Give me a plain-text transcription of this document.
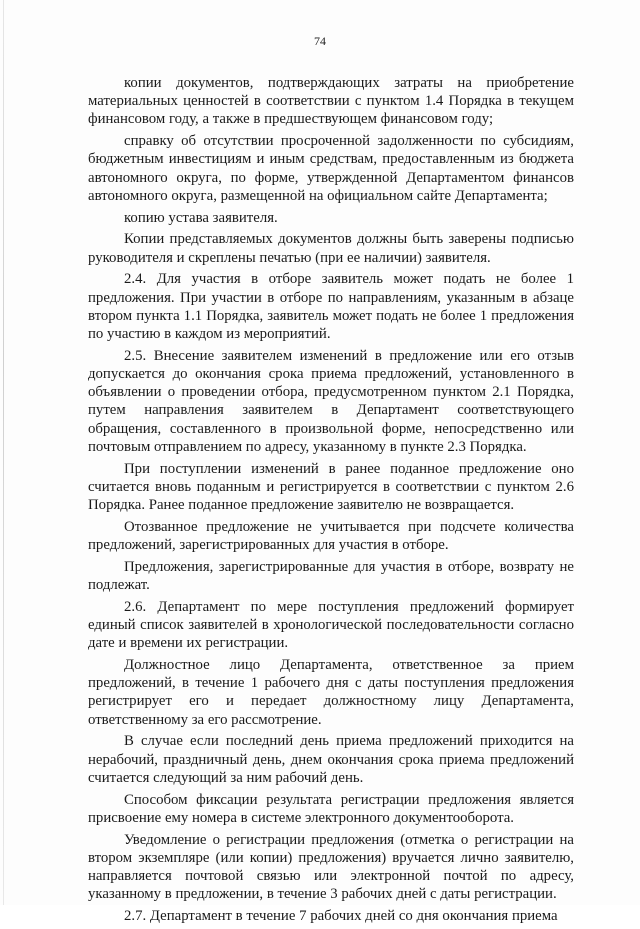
74

копии документов, подтверждающих затраты на приобретение материальных ценностей в соответствии с пунктом 1.4 Порядка в текущем финансовом году, а также в предшествующем финансовом году;

справку об отсутствии просроченной задолженности по субсидиям, бюджетным инвестициям и иным средствам, предоставленным из бюджета автономного округа, по форме, утвержденной Департаментом финансов автономного округа, размещенной на официальном сайте Департамента;

копию устава заявителя.

Копии представляемых документов должны быть заверены подписью руководителя и скреплены печатью (при ее наличии) заявителя.

2.4. Для участия в отборе заявитель может подать не более 1 предложения. При участии в отборе по направлениям, указанным в абзаце втором пункта 1.1 Порядка, заявитель может подать не более 1 предложения по участию в каждом из мероприятий.

2.5. Внесение заявителем изменений в предложение или его отзыв допускается до окончания срока приема предложений, установленного в объявлении о проведении отбора, предусмотренном пунктом 2.1 Порядка, путем направления заявителем в Департамент соответствующего обращения, составленного в произвольной форме, непосредственно или почтовым отправлением по адресу, указанному в пункте 2.3 Порядка.

При поступлении изменений в ранее поданное предложение оно считается вновь поданным и регистрируется в соответствии с пунктом 2.6 Порядка. Ранее поданное предложение заявителю не возвращается.

Отозванное предложение не учитывается при подсчете количества предложений, зарегистрированных для участия в отборе.

Предложения, зарегистрированные для участия в отборе, возврату не подлежат.

2.6. Департамент по мере поступления предложений формирует единый список заявителей в хронологической последовательности согласно дате и времени их регистрации.

Должностное лицо Департамента, ответственное за прием предложений, в течение 1 рабочего дня с даты поступления предложения регистрирует его и передает должностному лицу Департамента, ответственному за его рассмотрение.

В случае если последний день приема предложений приходится на нерабочий, праздничный день, днем окончания срока приема предложений считается следующий за ним рабочий день.

Способом фиксации результата регистрации предложения является присвоение ему номера в системе электронного документооборота.

Уведомление о регистрации предложения (отметка о регистрации на втором экземпляре (или копии) предложения) вручается лично заявителю, направляется почтовой связью или электронной почтой по адресу, указанному в предложении, в течение 3 рабочих дней с даты регистрации.

2.7. Департамент в течение 7 рабочих дней со дня окончания приема
